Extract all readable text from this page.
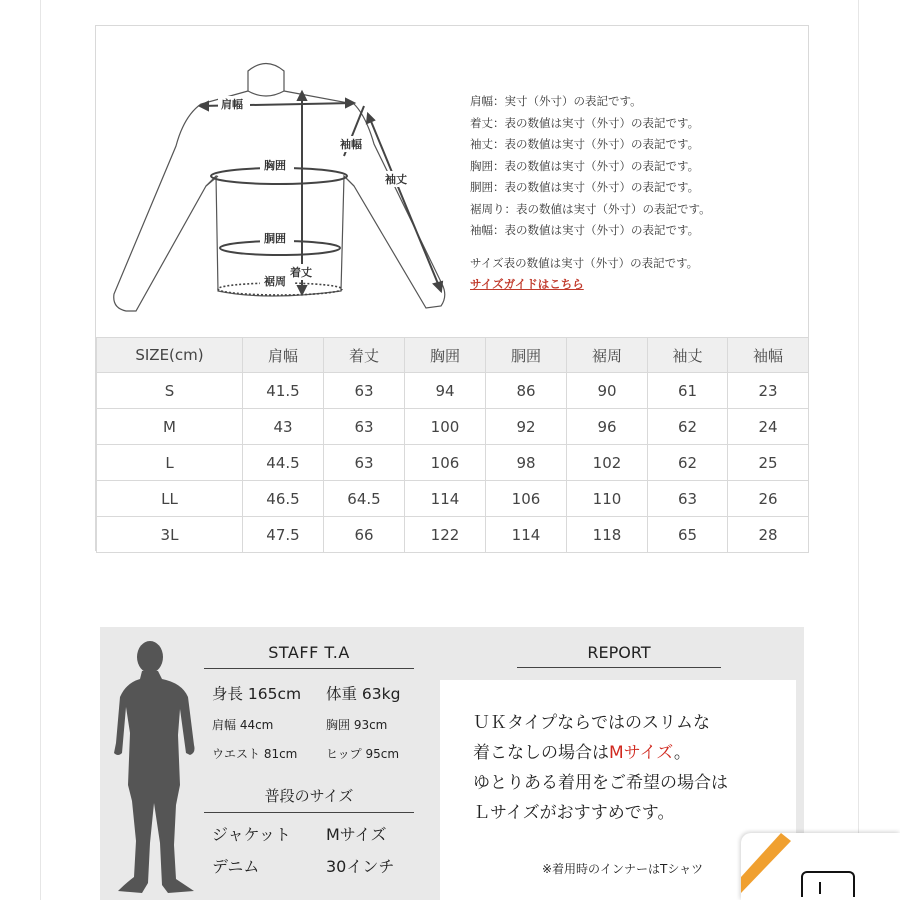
肩幅
袖幅
袖丈
胸囲
胴囲
着丈
裾周
肩幅：実寸（外寸）の表記です。
着丈：表の数値は実寸（外寸）の表記です。
袖丈：表の数値は実寸（外寸）の表記です。
胸囲：表の数値は実寸（外寸）の表記です。
胴囲：表の数値は実寸（外寸）の表記です。
裾周り：表の数値は実寸（外寸）の表記です。
袖幅：表の数値は実寸（外寸）の表記です。
サイズ表の数値は実寸（外寸）の表記です。
サイズガイドはこちら
SIZE(cm)	肩幅	着丈	胸囲	胴囲	裾周	袖丈	袖幅
S	41.5	63	94	86	90	61	23
M	43	63	100	92	96	62	24
L	44.5	63	106	98	102	62	25
LL	46.5	64.5	114	106	110	63	26
3L	47.5	66	122	114	118	65	28
STAFF T.A
身長 165cm 体重 63kg
肩幅 44cm	胸囲 93cm
ウエスト 81cm ヒップ 95cm
普段のサイズ
ジャケット Mサイズ
デニム	30インチ
REPORT
ＵＫタイプならではのスリムな
着こなしの場合はMサイズ。
ゆとりある着用をご希望の場合は
Ｌサイズがおすすめです。
※着用時のインナーはTシャツ
